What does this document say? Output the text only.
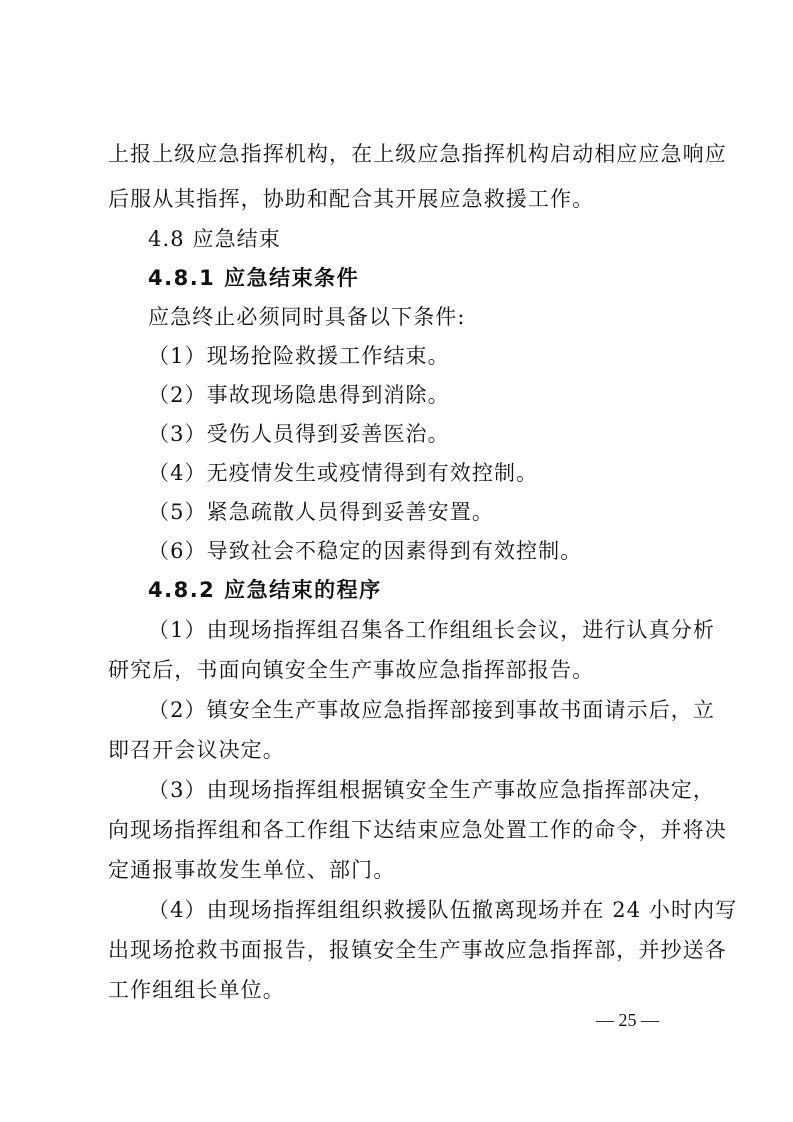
上报上级应急指挥机构，在上级应急指挥机构启动相应应急响应
后服从其指挥，协助和配合其开展应急救援工作。
4.8 应急结束
4.8.1 应急结束条件
应急终止必须同时具备以下条件:
（1）现场抢险救援工作结束。
（2）事故现场隐患得到消除。
（3）受伤人员得到妥善医治。
（4）无疫情发生或疫情得到有效控制。
（5）紧急疏散人员得到妥善安置。
（6）导致社会不稳定的因素得到有效控制。
4.8.2 应急结束的程序
（1）由现场指挥组召集各工作组组长会议，进行认真分析
研究后，书面向镇安全生产事故应急指挥部报告。
（2）镇安全生产事故应急指挥部接到事故书面请示后，立
即召开会议决定。
（3）由现场指挥组根据镇安全生产事故应急指挥部决定，
向现场指挥组和各工作组下达结束应急处置工作的命令，并将决
定通报事故发生单位、部门。
（4）由现场指挥组组织救援队伍撤离现场并在 24 小时内写
出现场抢救书面报告，报镇安全生产事故应急指挥部，并抄送各
工作组组长单位。
— 25 —
